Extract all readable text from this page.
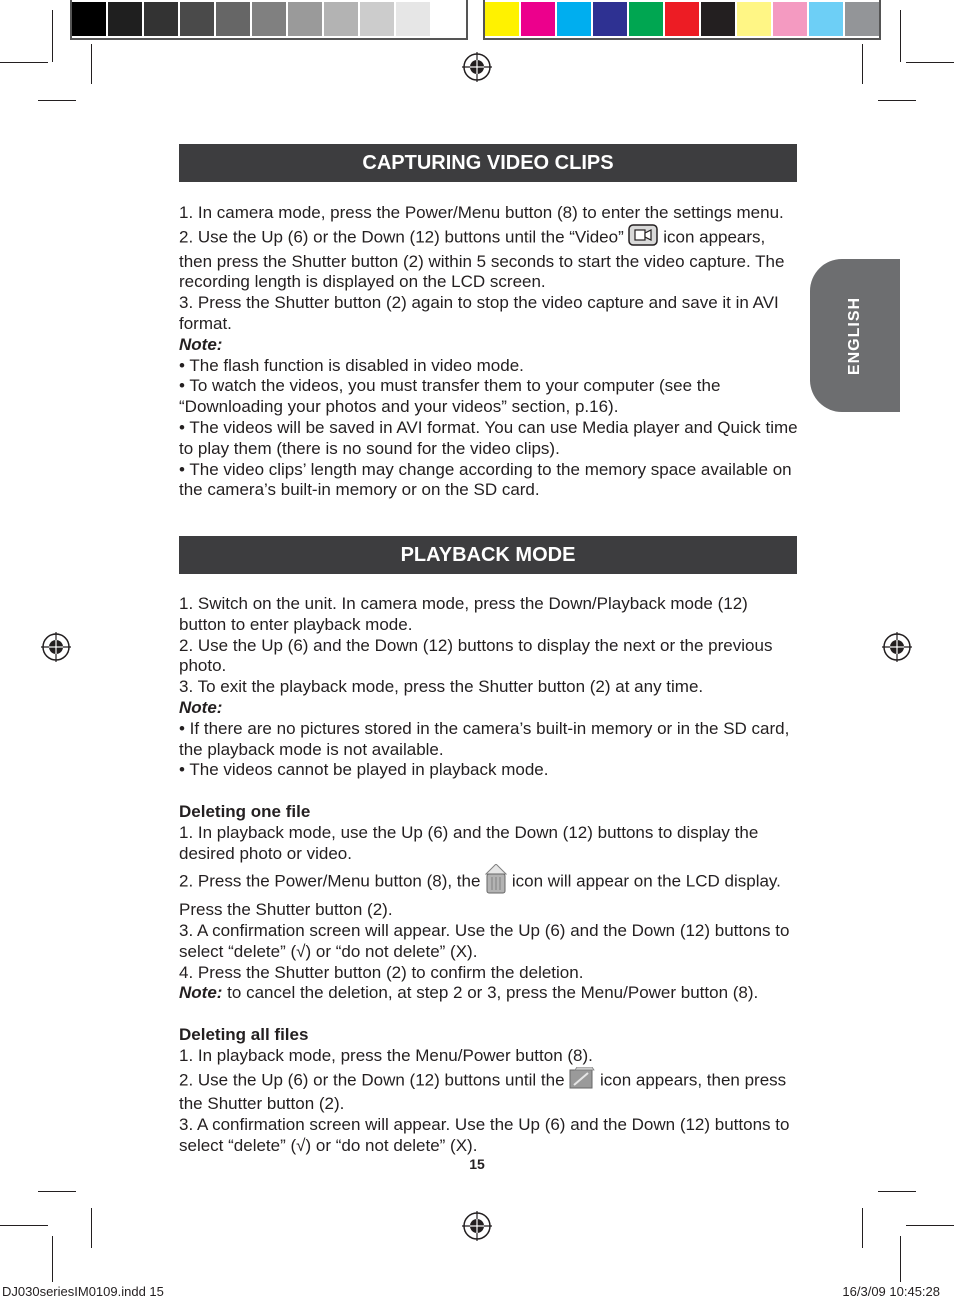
ENGLISH
CAPTURING VIDEO CLIPS

1. In camera mode, press the Power/Menu button (8) to enter the settings menu.

2. Use the Up (6) or the Down (12) buttons until the “Video”  icon appears, then press the Shutter button (2) within 5 seconds to start the video capture. The recording length is displayed on the LCD screen.

3. Press the Shutter button (2) again to stop the video capture and save it in AVI format.

Note:

• The flash function is disabled in video mode.

• To watch the videos, you must transfer them to your computer (see the “Downloading your photos and your videos” section, p.16).

• The videos will be saved in AVI format. You can use Media player and Quick time to play them (there is no sound for the video clips).

• The video clips’ length may change according to the memory space available on the camera’s built-in memory or on the SD card.

PLAYBACK MODE

1. Switch on the unit. In camera mode, press the Down/Playback mode (12) button to enter playback mode.

2. Use the Up (6) and the Down (12) buttons to display the next or the previous photo.

3. To exit the playback mode, press the Shutter button (2) at any time.

Note:

• If there are no pictures stored in the camera’s built-in memory or in the SD card, the playback mode is not available.

• The videos cannot be played in playback mode.

Deleting one file

1. In playback mode, use the Up (6) and the Down (12) buttons to display the desired photo or video.

2. Press the Power/Menu button (8), the  icon will appear on the LCD display. Press the Shutter button (2).

3. A confirmation screen will appear. Use the Up (6) and the Down (12) buttons to select “delete” (√) or “do not delete” (X).

4. Press the Shutter button (2) to confirm the deletion.

Note: to cancel the deletion, at step 2 or 3, press the Menu/Power button (8).

Deleting all files

1. In playback mode, press the Menu/Power button (8).

2. Use the Up (6) or the Down (12) buttons until the  icon appears, then press the Shutter button (2).

3. A confirmation screen will appear. Use the Up (6) and the Down (12) buttons to select “delete” (√) or “do not delete” (X).

15
DJ030seriesIM0109.indd 15	16/3/09 10:45:28
